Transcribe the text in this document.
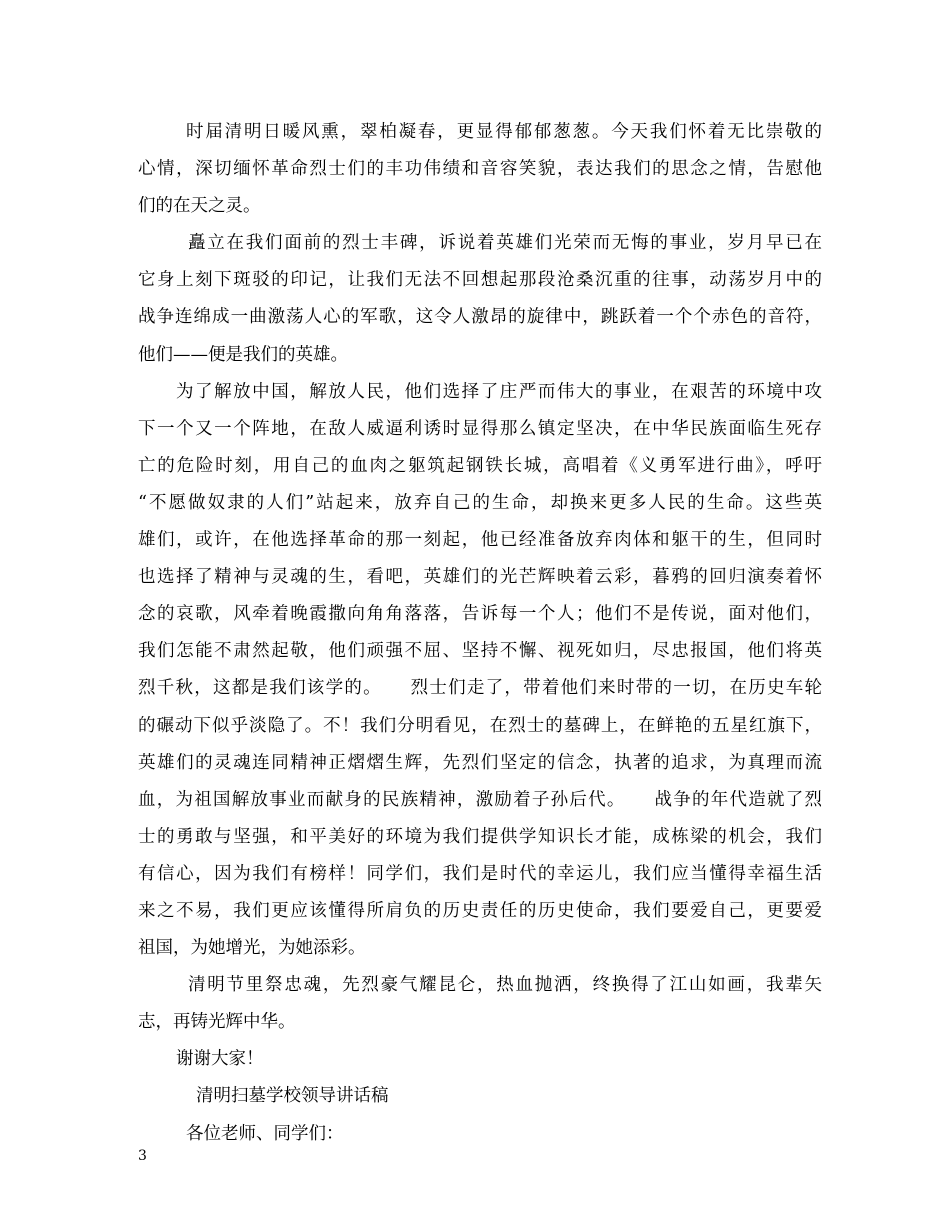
时届清明日暖风熏，翠柏凝春，更显得郁郁葱葱。今天我们怀着无比崇敬的
心情，深切缅怀革命烈士们的丰功伟绩和音容笑貌，表达我们的思念之情，告慰他
们的在天之灵。
矗立在我们面前的烈士丰碑，诉说着英雄们光荣而无悔的事业，岁月早已在
它身上刻下斑驳的印记，让我们无法不回想起那段沧桑沉重的往事，动荡岁月中的
战争连绵成一曲激荡人心的军歌，这令人激昂的旋律中，跳跃着一个个赤色的音符，
他们——便是我们的英雄。
为了解放中国，解放人民，他们选择了庄严而伟大的事业，在艰苦的环境中攻
下一个又一个阵地，在敌人威逼利诱时显得那么镇定坚决，在中华民族面临生死存
亡的危险时刻，用自己的血肉之躯筑起钢铁长城，高唱着《义勇军进行曲》，呼吁
“不愿做奴隶的人们”站起来，放弃自己的生命，却换来更多人民的生命。这些英
雄们，或许，在他选择革命的那一刻起，他已经准备放弃肉体和躯干的生，但同时
也选择了精神与灵魂的生，看吧，英雄们的光芒辉映着云彩，暮鸦的回归演奏着怀
念的哀歌，风牵着晚霞撒向角角落落，告诉每一个人；他们不是传说，面对他们，
我们怎能不肃然起敬，他们顽强不屈、坚持不懈、视死如归，尽忠报国，他们将英
烈千秋，这都是我们该学的。　　烈士们走了，带着他们来时带的一切，在历史车轮
的碾动下似乎淡隐了。不！我们分明看见，在烈士的墓碑上，在鲜艳的五星红旗下，
英雄们的灵魂连同精神正熠熠生辉，先烈们坚定的信念，执著的追求，为真理而流
血，为祖国解放事业而献身的民族精神，激励着子孙后代。　　战争的年代造就了烈
士的勇敢与坚强，和平美好的环境为我们提供学知识长才能，成栋梁的机会，我们
有信心，因为我们有榜样！同学们，我们是时代的幸运儿，我们应当懂得幸福生活
来之不易，我们更应该懂得所肩负的历史责任的历史使命，我们要爱自己，更要爱
祖国，为她增光，为她添彩。
清明节里祭忠魂，先烈豪气耀昆仑，热血抛洒，终换得了江山如画，我辈矢
志，再铸光辉中华。
谢谢大家！
清明扫墓学校领导讲话稿
各位老师、同学们：
3
